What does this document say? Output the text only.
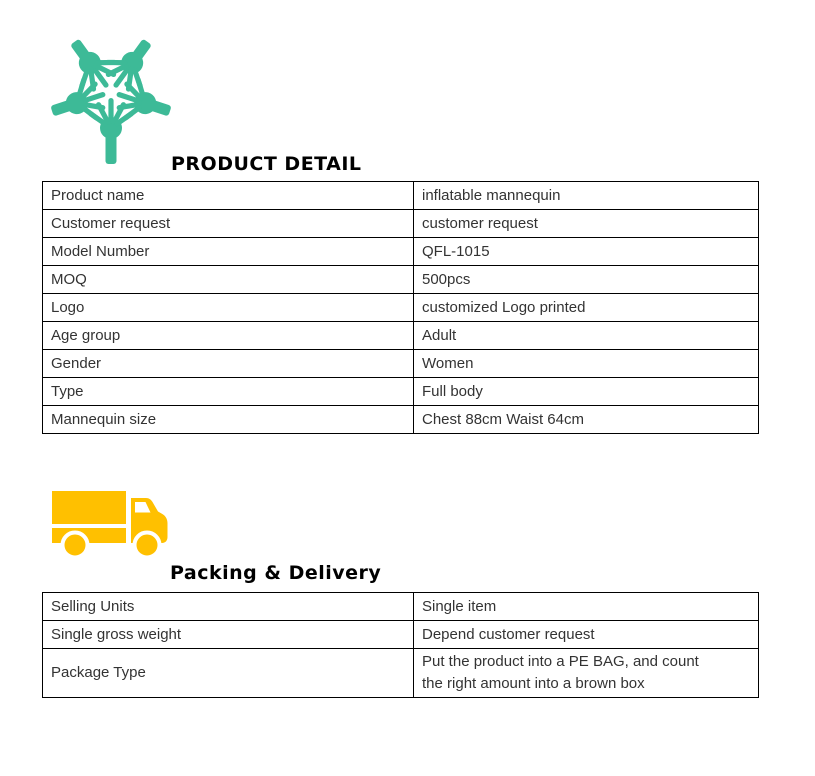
PRODUCT DETAIL
Product name	inflatable mannequin
Customer request	customer request
Model Number	QFL-1015
MOQ	500pcs
Logo	customized Logo printed
Age group	Adult
Gender	Women
Type	Full body
Mannequin size	Chest 88cm Waist 64cm
Packing & Delivery
Selling Units	Single item
Single gross weight	Depend customer request
Package Type	Put the product into a PE BAG, and count the right amount into a brown box
